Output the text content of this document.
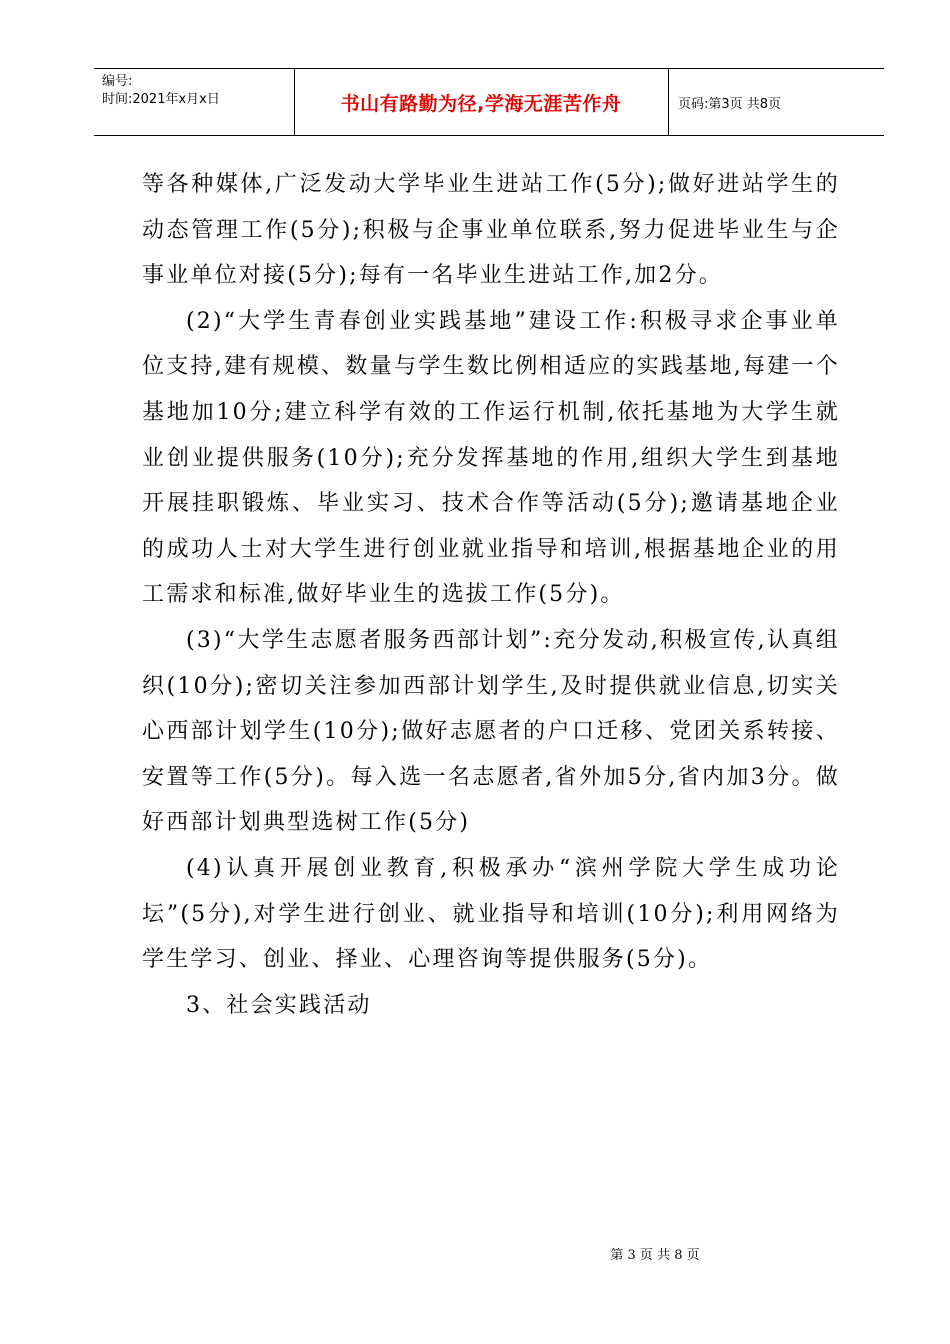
编号:
时间:2021年x月x日	书山有路勤为径,学海无涯苦作舟	页码:第3页 共8页

等各种媒体,广泛发动大学毕业生进站工作(5分);做好进站学生的动态管理工作(5分);积极与企事业单位联系,努力促进毕业生与企事业单位对接(5分);每有一名毕业生进站工作,加2分。

(2)“大学生青春创业实践基地”建设工作:积极寻求企事业单位支持,建有规模、数量与学生数比例相适应的实践基地,每建一个基地加10分;建立科学有效的工作运行机制,依托基地为大学生就业创业提供服务(10分);充分发挥基地的作用,组织大学生到基地开展挂职锻炼、毕业实习、技术合作等活动(5分);邀请基地企业的成功人士对大学生进行创业就业指导和培训,根据基地企业的用工需求和标准,做好毕业生的选拔工作(5分)。

(3)“大学生志愿者服务西部计划”:充分发动,积极宣传,认真组织(10分);密切关注参加西部计划学生,及时提供就业信息,切实关心西部计划学生(10分);做好志愿者的户口迁移、党团关系转接、安置等工作(5分)。每入选一名志愿者,省外加5分,省内加3分。做好西部计划典型选树工作(5分)

(4)认真开展创业教育,积极承办“滨州学院大学生成功论坛”(5分),对学生进行创业、就业指导和培训(10分);利用网络为学生学习、创业、择业、心理咨询等提供服务(5分)。

3、社会实践活动

第 3 页 共 8 页
